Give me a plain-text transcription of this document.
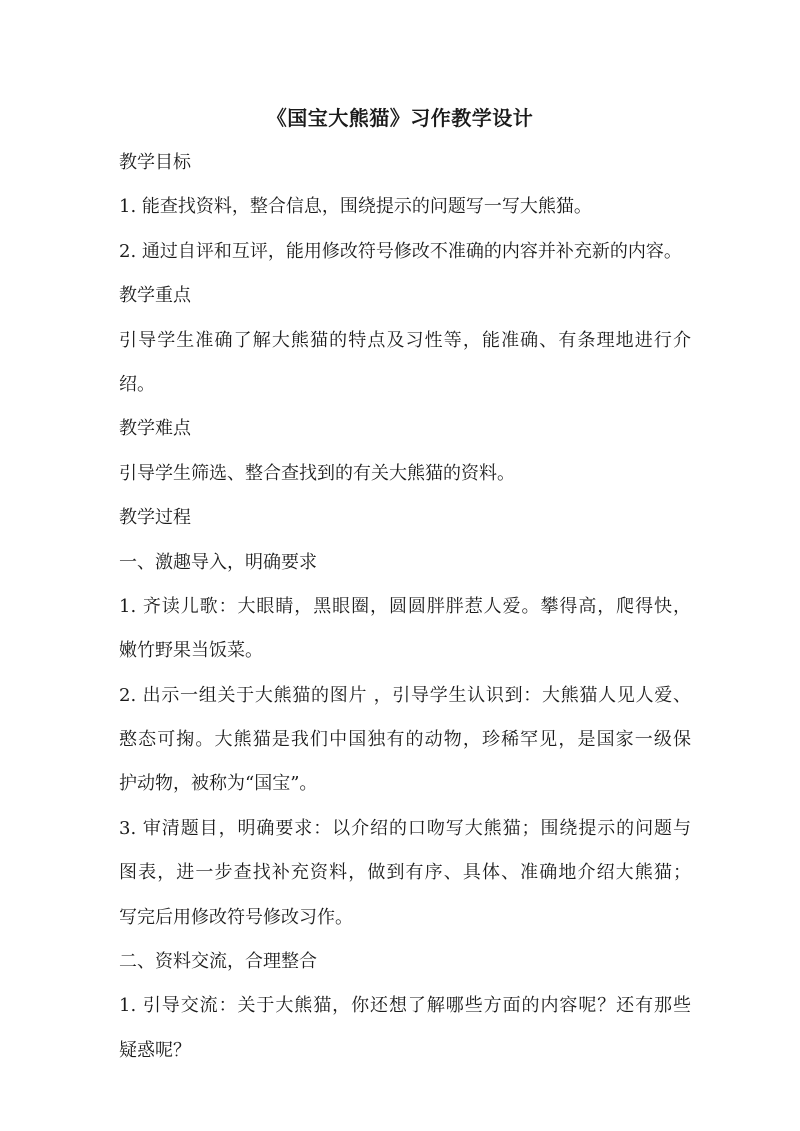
《国宝大熊猫》习作教学设计
教学目标
1. 能查找资料，整合信息，围绕提示的问题写一写大熊猫。
2. 通过自评和互评，能用修改符号修改不准确的内容并补充新的内容。
教学重点
引导学生准确了解大熊猫的特点及习性等，能准确、有条理地进行介
绍。
教学难点
引导学生筛选、整合查找到的有关大熊猫的资料。
教学过程
一、激趣导入，明确要求
1. 齐读儿歌：大眼睛，黑眼圈，圆圆胖胖惹人爱。攀得高，爬得快，
嫩竹野果当饭菜。
2. 出示一组关于大熊猫的图片 ，引导学生认识到：大熊猫人见人爱、
憨态可掬。大熊猫是我们中国独有的动物，珍稀罕见，是国家一级保
护动物，被称为“国宝”。
3. 审清题目，明确要求：以介绍的口吻写大熊猫；围绕提示的问题与
图表，进一步查找补充资料，做到有序、具体、准确地介绍大熊猫；
写完后用修改符号修改习作。
二、资料交流，合理整合
1. 引导交流：关于大熊猫，你还想了解哪些方面的内容呢？还有那些
疑惑呢？
